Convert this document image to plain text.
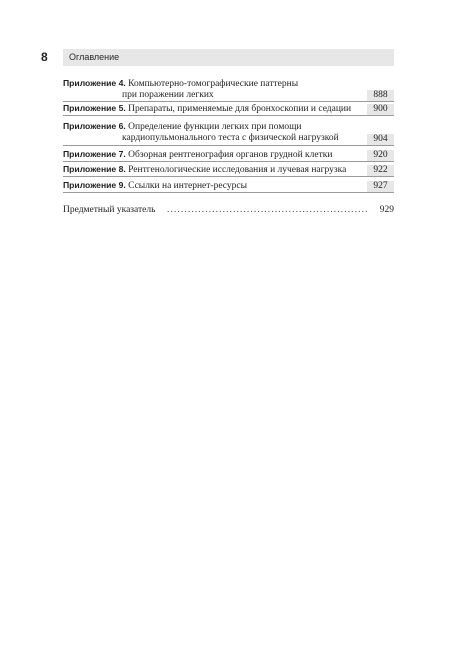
8 Оглавление
Приложение 4. Компьютерно-томографические паттерны
при поражении легких	888
Приложение 5. Препараты, применяемые для бронхоскопии и седации	900
Приложение 6. Определение функции легких при помощи
кардиопульмонального теста с физической нагрузкой	904
Приложение 7. Обзорная рентгенография органов грудной клетки	920
Приложение 8. Рентгенологические исследования и лучевая нагрузка	922
Приложение 9. Ссылки на интернет-ресурсы	927
Предметный указатель ..........................................................	929
